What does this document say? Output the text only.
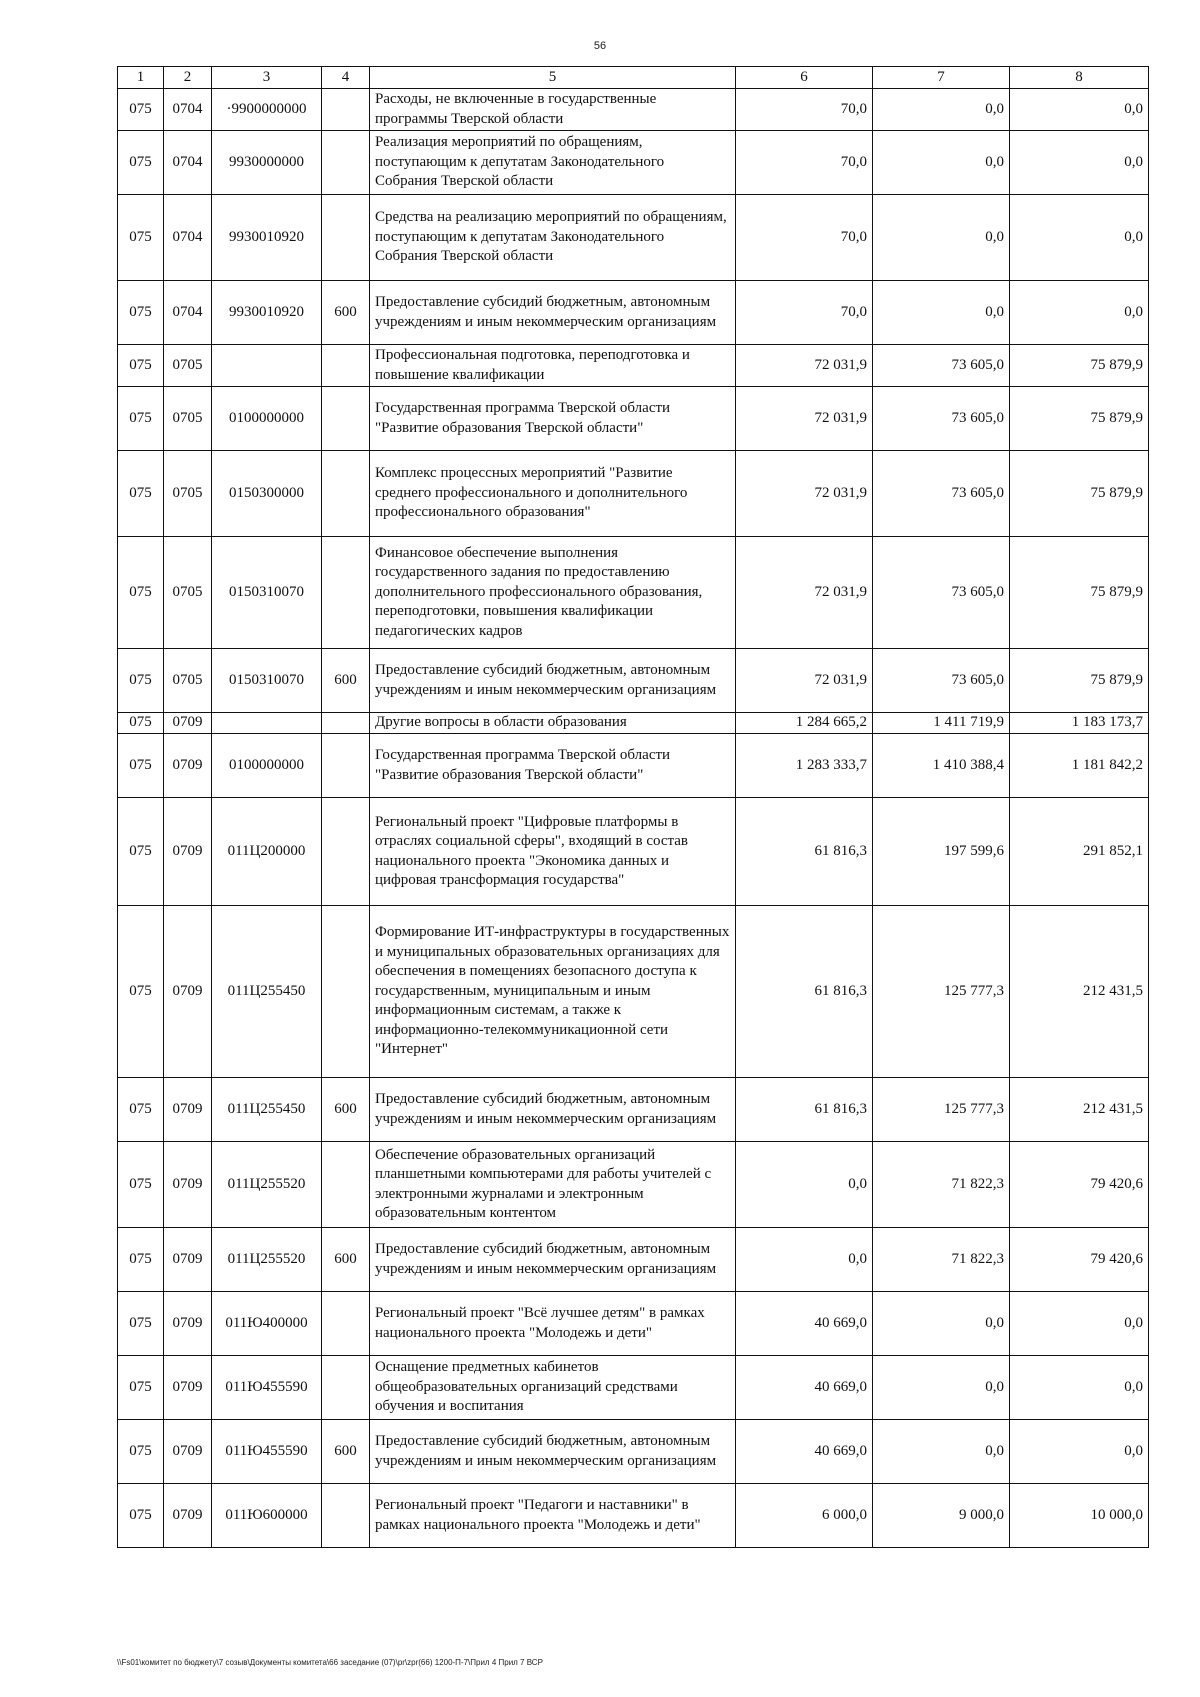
56
1	2	3	4	5	6	7	8
075	0704	·9900000000		Расходы, не включенные в государственные программы Тверской области	70,0	0,0	0,0
075	0704	9930000000		Реализация мероприятий по обращениям, поступающим к депутатам Законодательного Собрания Тверской области	70,0	0,0	0,0
075	0704	9930010920		Средства на реализацию мероприятий по обращениям, поступающим к депутатам Законодательного Собрания Тверской области	70,0	0,0	0,0
075	0704	9930010920	600	Предоставление субсидий бюджетным, автономным учреждениям и иным некоммерческим организациям	70,0	0,0	0,0
075	0705			Профессиональная подготовка, переподготовка и повышение квалификации	72 031,9	73 605,0	75 879,9
075	0705	0100000000		Государственная программа Тверской области "Развитие образования Тверской области"	72 031,9	73 605,0	75 879,9
075	0705	0150300000		Комплекс процессных мероприятий "Развитие среднего профессионального и дополнительного профессионального образования"	72 031,9	73 605,0	75 879,9
075	0705	0150310070		Финансовое обеспечение выполнения государственного задания по предоставлению дополнительного профессионального образования, переподготовки, повышения квалификации педагогических кадров	72 031,9	73 605,0	75 879,9
075	0705	0150310070	600	Предоставление субсидий бюджетным, автономным учреждениям и иным некоммерческим организациям	72 031,9	73 605,0	75 879,9
075	0709			Другие вопросы в области образования	1 284 665,2	1 411 719,9	1 183 173,7
075	0709	0100000000		Государственная программа Тверской области "Развитие образования Тверской области"	1 283 333,7	1 410 388,4	1 181 842,2
075	0709	011Ц200000		Региональный проект "Цифровые платформы в отраслях социальной сферы", входящий в состав национального проекта "Экономика данных и цифровая трансформация государства"	61 816,3	197 599,6	291 852,1
075	0709	011Ц255450		Формирование ИТ-инфраструктуры в государственных и муниципальных образовательных организациях для обеспечения в помещениях безопасного доступа к государственным, муниципальным и иным информационным системам, а также к информационно-телекоммуникационной сети "Интернет"	61 816,3	125 777,3	212 431,5
075	0709	011Ц255450	600	Предоставление субсидий бюджетным, автономным учреждениям и иным некоммерческим организациям	61 816,3	125 777,3	212 431,5
075	0709	011Ц255520		Обеспечение образовательных организаций планшетными компьютерами для работы учителей с электронными журналами и электронным образовательным контентом	0,0	71 822,3	79 420,6
075	0709	011Ц255520	600	Предоставление субсидий бюджетным, автономным учреждениям и иным некоммерческим организациям	0,0	71 822,3	79 420,6
075	0709	011Ю400000		Региональный проект "Всё лучшее детям" в рамках национального проекта "Молодежь и дети"	40 669,0	0,0	0,0
075	0709	011Ю455590		Оснащение предметных кабинетов общеобразовательных организаций средствами обучения и воспитания	40 669,0	0,0	0,0
075	0709	011Ю455590	600	Предоставление субсидий бюджетным, автономным учреждениям и иным некоммерческим организациям	40 669,0	0,0	0,0
075	0709	011Ю600000		Региональный проект "Педагоги и наставники" в рамках национального проекта "Молодежь и дети"	6 000,0	9 000,0	10 000,0
\\Fs01\комитет по бюджету\7 созыв\Документы комитета\66 заседание (07)\pr\zpr(66) 1200-П-7\Прил 4 Прил 7 ВСР
